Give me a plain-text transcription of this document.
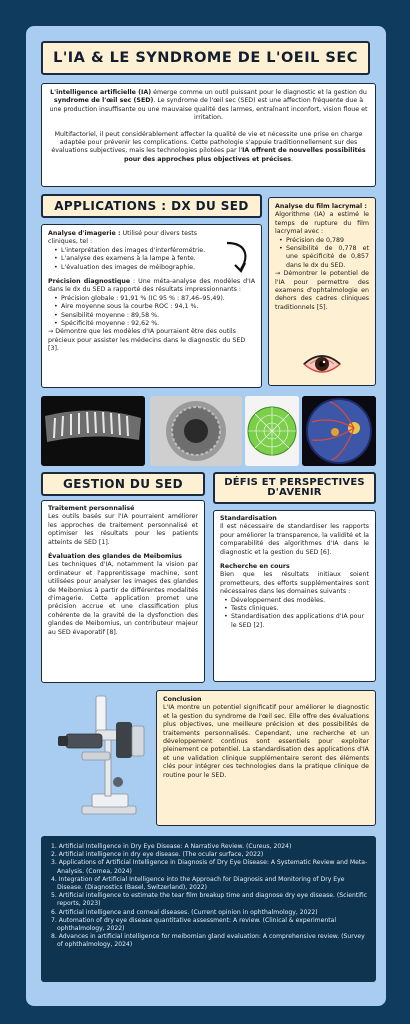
L'IA & LE SYNDROME DE L'OEIL SEC

L'intelligence artificielle (IA) émerge comme un outil puissant pour le diagnostic et la gestion du syndrome de l'œil sec (SED). Le syndrome de l'œil sec (SED) est une affection fréquente due à une production insuffisante ou une mauvaise qualité des larmes, entraînant inconfort, vision floue et irritation.

Multifactoriel, il peut considérablement affecter la qualité de vie et nécessite une prise en charge adaptée pour prévenir les complications. Cette pathologie s'appuie traditionnellement sur des évaluations subjectives, mais les technologies pilotées par l'IA offrent de nouvelles possibilités pour des approches plus objectives et précises.

APPLICATIONS : DX DU SED

Analyse d'imagerie : Utilisé pour divers tests cliniques, tel :

• L'interprétation des images d'interférométrie.
• L'analyse des examens à la lampe à fente.
• L'évaluation des images de méibographie.

Précision diagnostique : Une méta-analyse des modèles d'IA dans le dx du SED a rapporté des résultats impressionnants :

• Précision globale : 91,91 % (IC 95 % : 87,46–95,49).
• Aire moyenne sous la courbe ROC : 94,1 %.
• Sensibilité moyenne : 89,58 %.
• Spécificité moyenne : 92,62 %.

→ Démontre que les modèles d'IA pourraient être des outils précieux pour assister les médecins dans le diagnostic du SED [3].

Analyse du film lacrymal :

Algorithme (IA) a estimé le temps de rupture du film lacrymal avec :

• Précision de 0,789
• Sensibilité de 0,778 et une spécificité de 0,857 dans le dx du SED.

→ Démontrer le potentiel de l'IA pour permettre des examens d'ophtalmologie en dehors des cadres cliniques traditionnels [5].

GESTION DU SED

Traitement personnalisé

Les outils basés sur l'IA pourraient améliorer les approches de traitement personnalisé et optimiser les résultats pour les patients atteints de SED [1].

Évaluation des glandes de Meibomius

Les techniques d'IA, notamment la vision par ordinateur et l'apprentissage machine, sont utilisées pour analyser les images des glandes de Meibomius à partir de différentes modalités d'imagerie. Cette application promet une précision accrue et une classification plus cohérente de la gravité de la dysfonction des glandes de Meibomius, un contributeur majeur au SED évaporatif [8].

DÉFIS ET PERSPECTIVES
D'AVENIR

Standardisation

Il est nécessaire de standardiser les rapports pour améliorer la transparence, la validité et la comparabilité des algorithmes d'IA dans le diagnostic et la gestion du SED [6].

Recherche en cours

Bien que les résultats initiaux soient prometteurs, des efforts supplémentaires sont nécessaires dans les domaines suivants :

• Développement des modèles.
• Tests cliniques.
• Standardisation des applications d'IA pour le SED [2].

Conclusion

L'IA montre un potentiel significatif pour améliorer le diagnostic et la gestion du syndrome de l'œil sec. Elle offre des évaluations plus objectives, une meilleure précision et des possibilités de traitements personnalisés. Cependant, une recherche et un développement continus sont essentiels pour exploiter pleinement ce potentiel. La standardisation des applications d'IA et une validation clinique supplémentaire seront des éléments clés pour intégrer ces technologies dans la pratique clinique de routine pour le SED.

1. Artificial Intelligence in Dry Eye Disease: A Narrative Review. (Cureus, 2024)
2. Artificial intelligence in dry eye disease. (The ocular surface, 2022)
3. Applications of Artificial Intelligence in Diagnosis of Dry Eye Disease: A Systematic Review and Meta-Analysis. (Cornea, 2024)
4. Integration of Artificial Intelligence into the Approach for Diagnosis and Monitoring of Dry Eye Disease. (Diagnostics (Basel, Switzerland), 2022)
5. Artificial intelligence to estimate the tear film breakup time and diagnose dry eye disease. (Scientific reports, 2023)
6. Artificial intelligence and corneal diseases. (Current opinion in ophthalmology, 2022)
7. Automation of dry eye disease quantitative assessment: A review. (Clinical & experimental ophthalmology, 2022)
8. Advances in artificial intelligence for meibomian gland evaluation: A comprehensive review. (Survey of ophthalmology, 2024)
